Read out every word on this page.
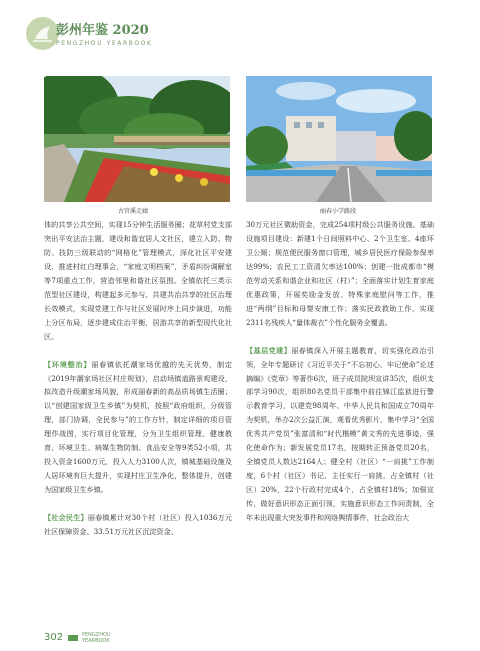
彭州年鉴 2020
PENGZHOU YEARBOOK
古官溪走廊	丽春小学路段

体的共享公共空间，实现15分钟生活服务圈；花草村党支部突出平安法治主题，建设和谐宜居人文社区，建立入防、物防、技防三级联动的“网格化”管理模式，深化社区平安建设，推进村红白理事会，“家庭文明档案”，矛盾纠纷调解室等7项重点工作，营造邻里和谐社区氛围。全镇依托三类示范型社区建设，构建起多元参与、共建共治共享的社区治理长效模式，实现党建工作与社区发展时序上同步演进，功能上分区布局，逐步建成住治平衡，居游共享的新型现代化社区。

【环境整治】丽春镇依托潮家场优越的先天优势，制定《2019年潮家场社区村庄规划》，启动场镇道路景观建设，拟改造升级潮家场风貌，形成丽春新的高品质场镇生活圈；以“创建国家级卫生乡镇”为契机，按照“政府组织，分级管理，部门协调，全民参与”的工作方针，制定详细的项目管理作战图，实行项目化管理，分为卫生组织管理、健康教育、环境卫生、病媒生物防制、食品安全等9类52小项，共投入资金1600万元，投入人力3100人次，镇城基础设施及人居环境有巨大提升，实现村庄卫生净化，整体提升，创建为国家级卫生乡镇。

【社会民生】丽春镇累计对30个村（社区）投入1036万元社区保障资金、33.51万元社区沉淀资金、

30万元社区微助资金，完成254项村级公共服务设施。基础设施项目建设：新建1个日间照料中心、2个卫生室、4座环卫公厕；规范便民服务窗口管理，城乡居民医疗保险参保率达99%；农民工工资清欠率达100%；创建一批成都市“模范劳动关系和谐企业和社区（村）”；全面落实计划生育家庭优惠政策，开展奖励金发放、特殊家庭慰问等工作，推进“两纲”目标和母婴安康工作；落实民政救助工作，实现2311名残疾人“量体裁衣”个性化服务全覆盖。

【基层党建】丽春镇深入开展主题教育，切实强化政治引领，全年专题研讨《习近平关于“不忘初心、牢记使命”论述摘编》《党章》等著作6次，班子成员院坝宣讲35次，组织支部学习90次，组织80名党员干部集中前往锦江监狱进行警示教育学习，以建党98周年、中华人民共和国成立70周年为契机，举办2次公益汇演，观看优秀影片，集中学习“全国优秀共产党员”张富清和“时代楷模”黄文秀的先进事迹，强化使命作为；新发展党员17名，按期转正预备党员20名，全镇党员人数达2164人；健全村（社区）“一肩挑”工作制度，6个村（社区）书记、主任实行一肩挑，占全镇村（社区）20%，22个行政村完成4个，占全镇村18%；加强宣传，做好意识形态正面引领，实施意识形态工作问责制，全年未出现重大突发事件和网络舆情事件，社会政治大

302	PENGZHOU
YEARBOOK
